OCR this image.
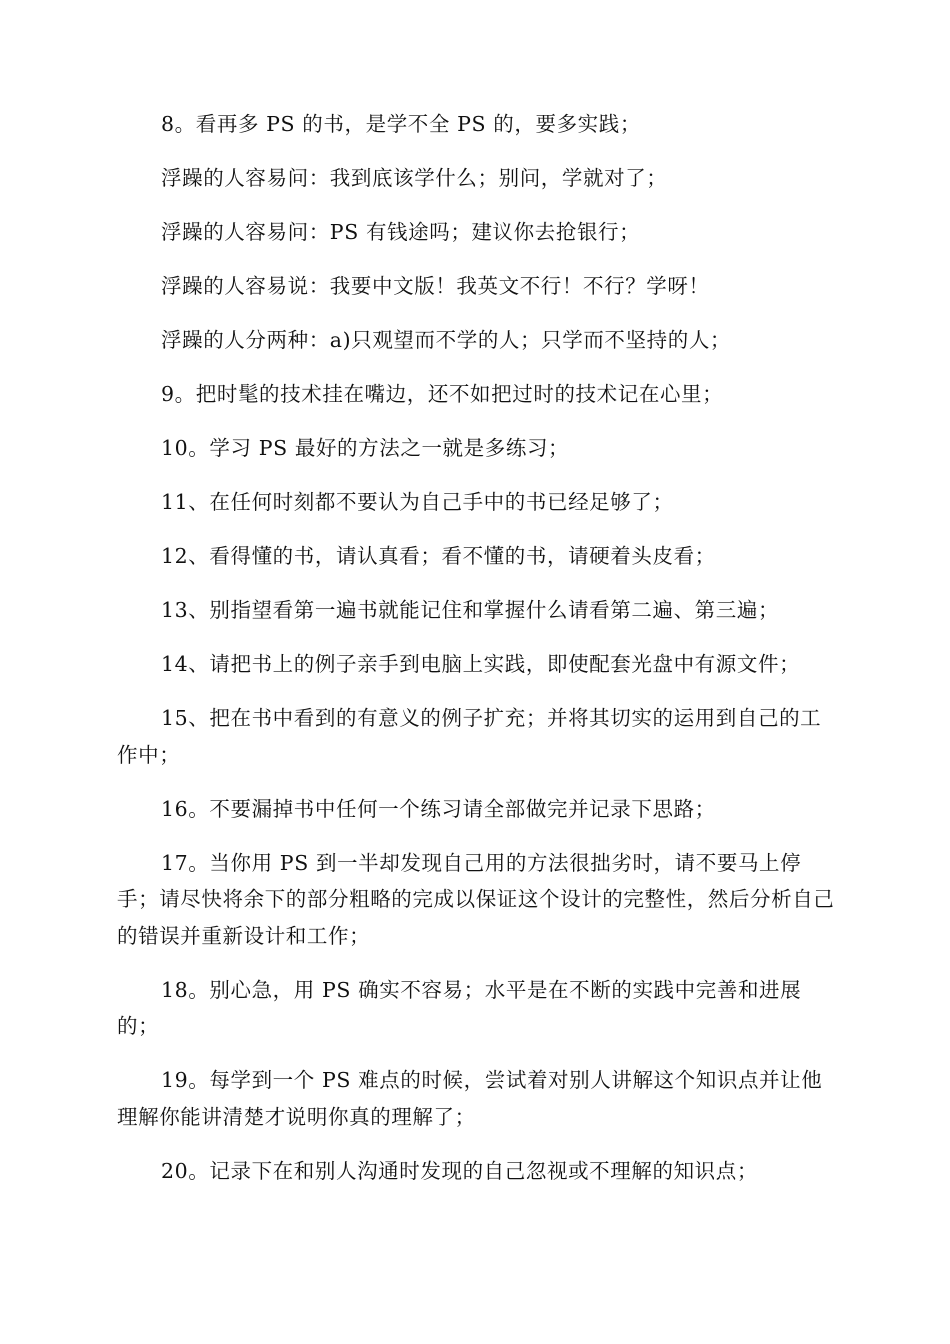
8。看再多 PS 的书，是学不全 PS 的，要多实践；

浮躁的人容易问：我到底该学什么；别问，学就对了；

浮躁的人容易问：PS 有钱途吗；建议你去抢银行；

浮躁的人容易说：我要中文版！我英文不行！不行？学呀！

浮躁的人分两种：a)只观望而不学的人；只学而不坚持的人；

9。把时髦的技术挂在嘴边，还不如把过时的技术记在心里；

10。学习 PS 最好的方法之一就是多练习；

11、在任何时刻都不要认为自己手中的书已经足够了；

12、看得懂的书，请认真看；看不懂的书，请硬着头皮看；

13、别指望看第一遍书就能记住和掌握什么请看第二遍、第三遍；

14、请把书上的例子亲手到电脑上实践，即使配套光盘中有源文件；

15、把在书中看到的有意义的例子扩充；并将其切实的运用到自己的工作中；

16。不要漏掉书中任何一个练习请全部做完并记录下思路；

17。当你用 PS 到一半却发现自己用的方法很拙劣时，请不要马上停手；请尽快将余下的部分粗略的完成以保证这个设计的完整性，然后分析自己的错误并重新设计和工作；

18。别心急，用 PS 确实不容易；水平是在不断的实践中完善和进展的；

19。每学到一个 PS 难点的时候，尝试着对别人讲解这个知识点并让他理解你能讲清楚才说明你真的理解了；

20。记录下在和别人沟通时发现的自己忽视或不理解的知识点；
